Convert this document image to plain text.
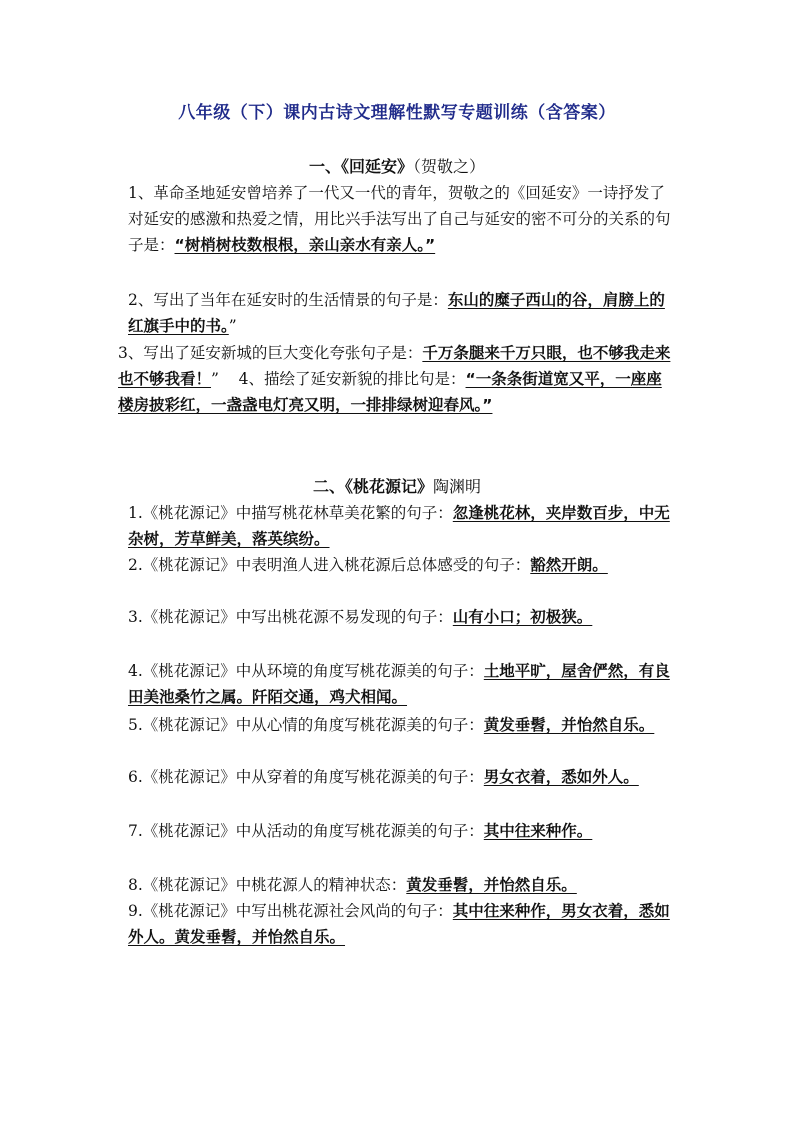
八年级（下）课内古诗文理解性默写专题训练（含答案）
一、《回延安》（贺敬之）
1、革命圣地延安曾培养了一代又一代的青年，贺敬之的《回延安》一诗抒发了对延安的感激和热爱之情，用比兴手法写出了自己与延安的密不可分的关系的句子是：“树梢树枝数根根，亲山亲水有亲人。”
2、写出了当年在延安时的生活情景的句子是：东山的糜子西山的谷，肩膀上的红旗手中的书。”
3、写出了延安新城的巨大变化夸张句子是：千万条腿来千万只眼，也不够我走来也不够我看！” 4、描绘了延安新貌的排比句是：“一条条街道宽又平，一座座楼房披彩红，一盏盏电灯亮又明，一排排绿树迎春风。”
二、《桃花源记》陶渊明
1.《桃花源记》中描写桃花林草美花繁的句子：忽逢桃花林，夹岸数百步，中无杂树，芳草鲜美，落英缤纷。
2.《桃花源记》中表明渔人进入桃花源后总体感受的句子：豁然开朗。
3.《桃花源记》中写出桃花源不易发现的句子：山有小口；初极狭。
4.《桃花源记》中从环境的角度写桃花源美的句子：土地平旷，屋舍俨然，有良田美池桑竹之属。阡陌交通，鸡犬相闻。
5.《桃花源记》中从心情的角度写桃花源美的句子：黄发垂髫，并怡然自乐。
6.《桃花源记》中从穿着的角度写桃花源美的句子：男女衣着，悉如外人。
7.《桃花源记》中从活动的角度写桃花源美的句子：其中往来种作。
8.《桃花源记》中桃花源人的精神状态：黄发垂髫，并怡然自乐。
9.《桃花源记》中写出桃花源社会风尚的句子：其中往来种作，男女衣着，悉如外人。黄发垂髫，并怡然自乐。
